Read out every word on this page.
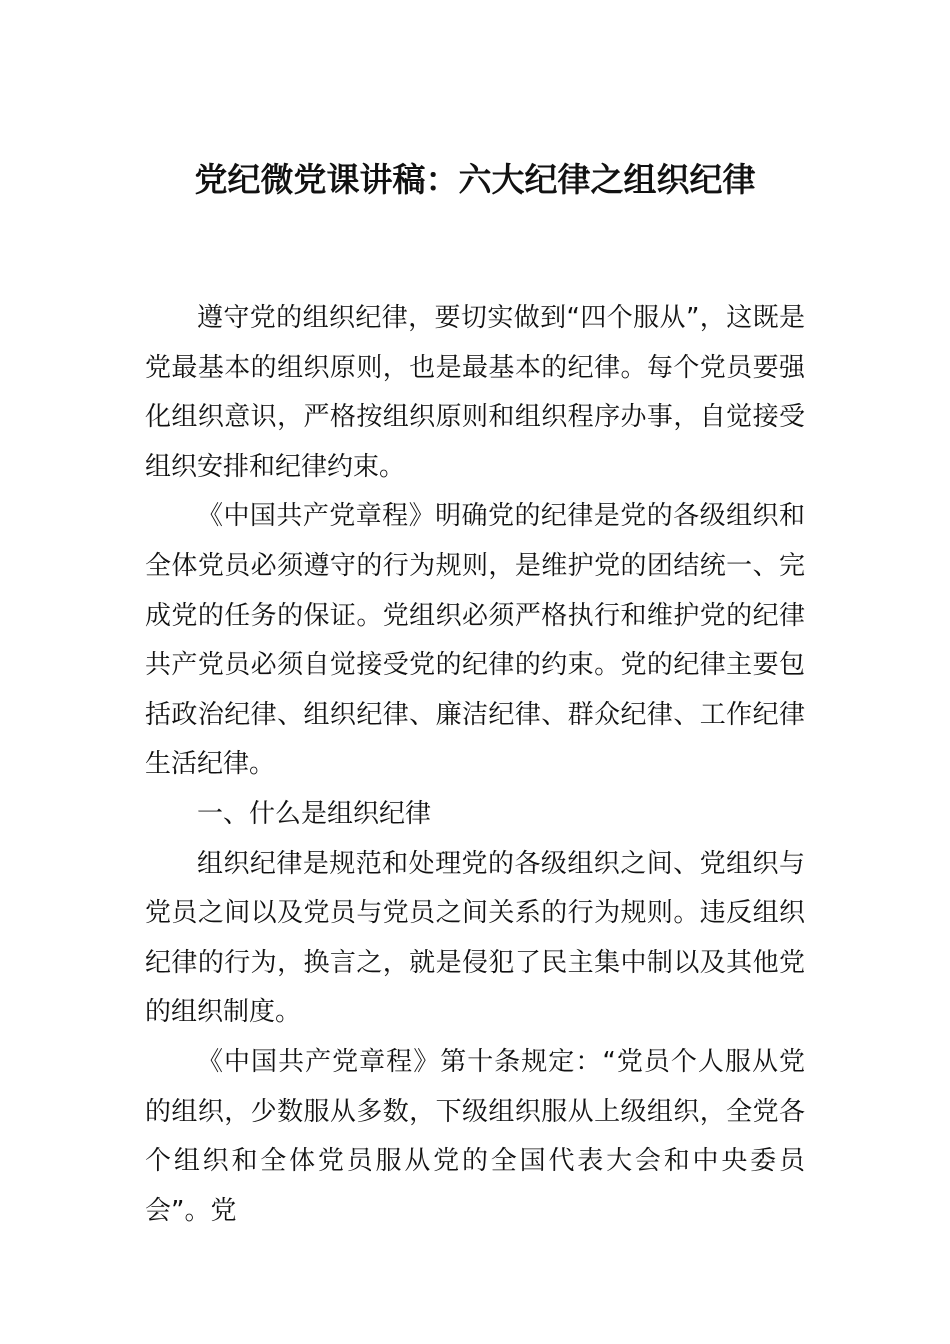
党纪微党课讲稿：六大纪律之组织纪律

遵守党的组织纪律，要切实做到“四个服从”，这既是党最基本的组织原则，也是最基本的纪律。每个党员要强化组织意识，严格按组织原则和组织程序办事，自觉接受组织安排和纪律约束。

《中国共产党章程》明确党的纪律是党的各级组织和全体党员必须遵守的行为规则，是维护党的团结统一、完成党的任务的保证。党组织必须严格执行和维护党的纪律共产党员必须自觉接受党的纪律的约束。党的纪律主要包括政治纪律、组织纪律、廉洁纪律、群众纪律、工作纪律生活纪律。

一、什么是组织纪律

组织纪律是规范和处理党的各级组织之间、党组织与党员之间以及党员与党员之间关系的行为规则。违反组织纪律的行为，换言之，就是侵犯了民主集中制以及其他党的组织制度。

《中国共产党章程》第十条规定：“党员个人服从党的组织，少数服从多数，下级组织服从上级组织，全党各个组织和全体党员服从党的全国代表大会和中央委员会”。党
